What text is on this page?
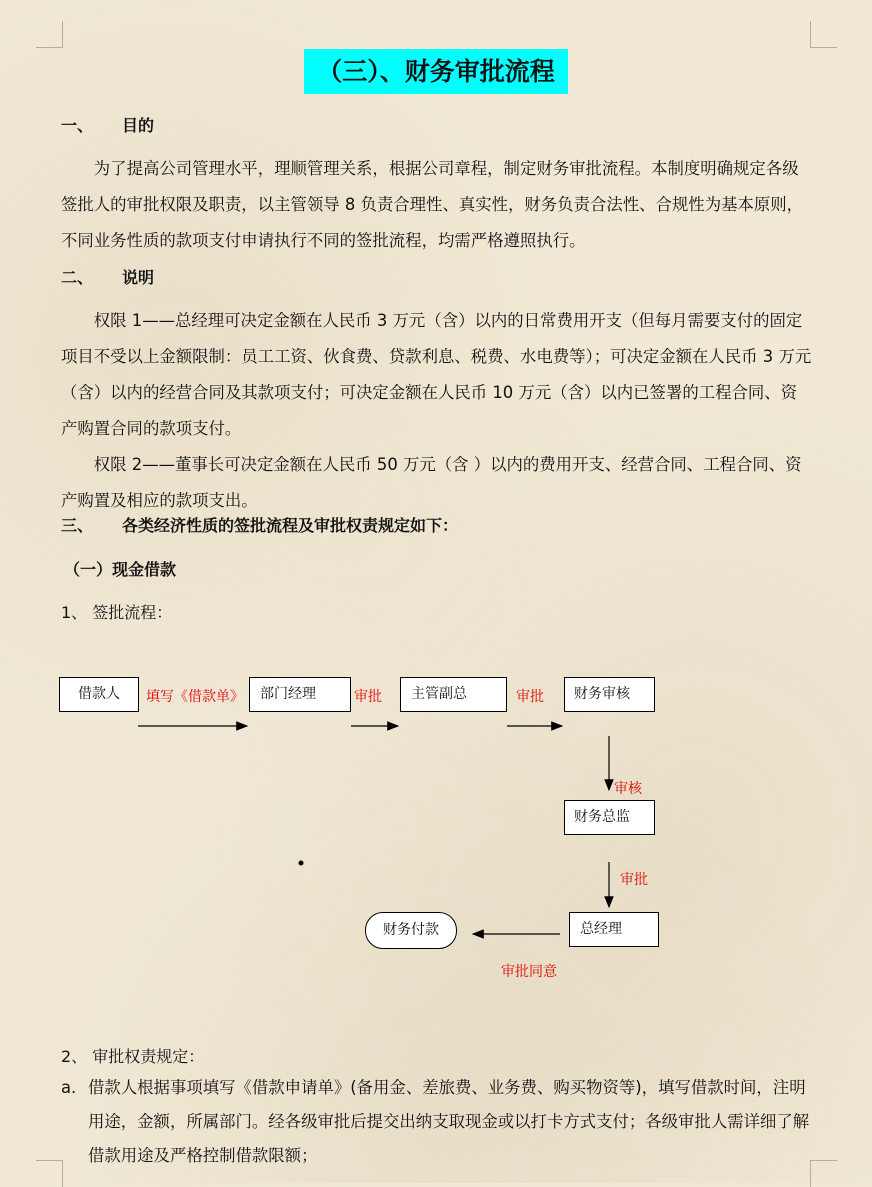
（三）、财务审批流程
一、 目的

为了提高公司管理水平，理顺管理关系，根据公司章程，制定财务审批流程。本制度明确规定各级签批人的审批权限及职责，以主管领导 8 负责合理性、真实性，财务负责合法性、合规性为基本原则，不同业务性质的款项支付申请执行不同的签批流程，均需严格遵照执行。

二、 说明

权限 1——总经理可决定金额在人民币 3 万元（含）以内的日常费用开支（但每月需要支付的固定项目不受以上金额限制：员工工资、伙食费、贷款利息、税费、水电费等）；可决定金额在人民币 3 万元（含）以内的经营合同及其款项支付；可决定金额在人民币 10 万元（含）以内已签署的工程合同、资产购置合同的款项支付。

权限 2——董事长可决定金额在人民币 50 万元（含 ）以内的费用开支、经营合同、工程合同、资产购置及相应的款项支出。

三、 各类经济性质的签批流程及审批权责规定如下：
（一）现金借款
1、 签批流程：
借款人	部门经理	主管副总	财务审核
财务总监
总经理
财务付款
填写《借款单》	审批	审批
审核
审批
审批同意
2、 审批权责规定：
a. 借款人根据事项填写《借款申请单》(备用金、差旅费、业务费、购买物资等)，填写借款时间，注明用途，金额，所属部门。经各级审批后提交出纳支取现金或以打卡方式支付；各级审批人需详细了解借款用途及严格控制借款限额；
